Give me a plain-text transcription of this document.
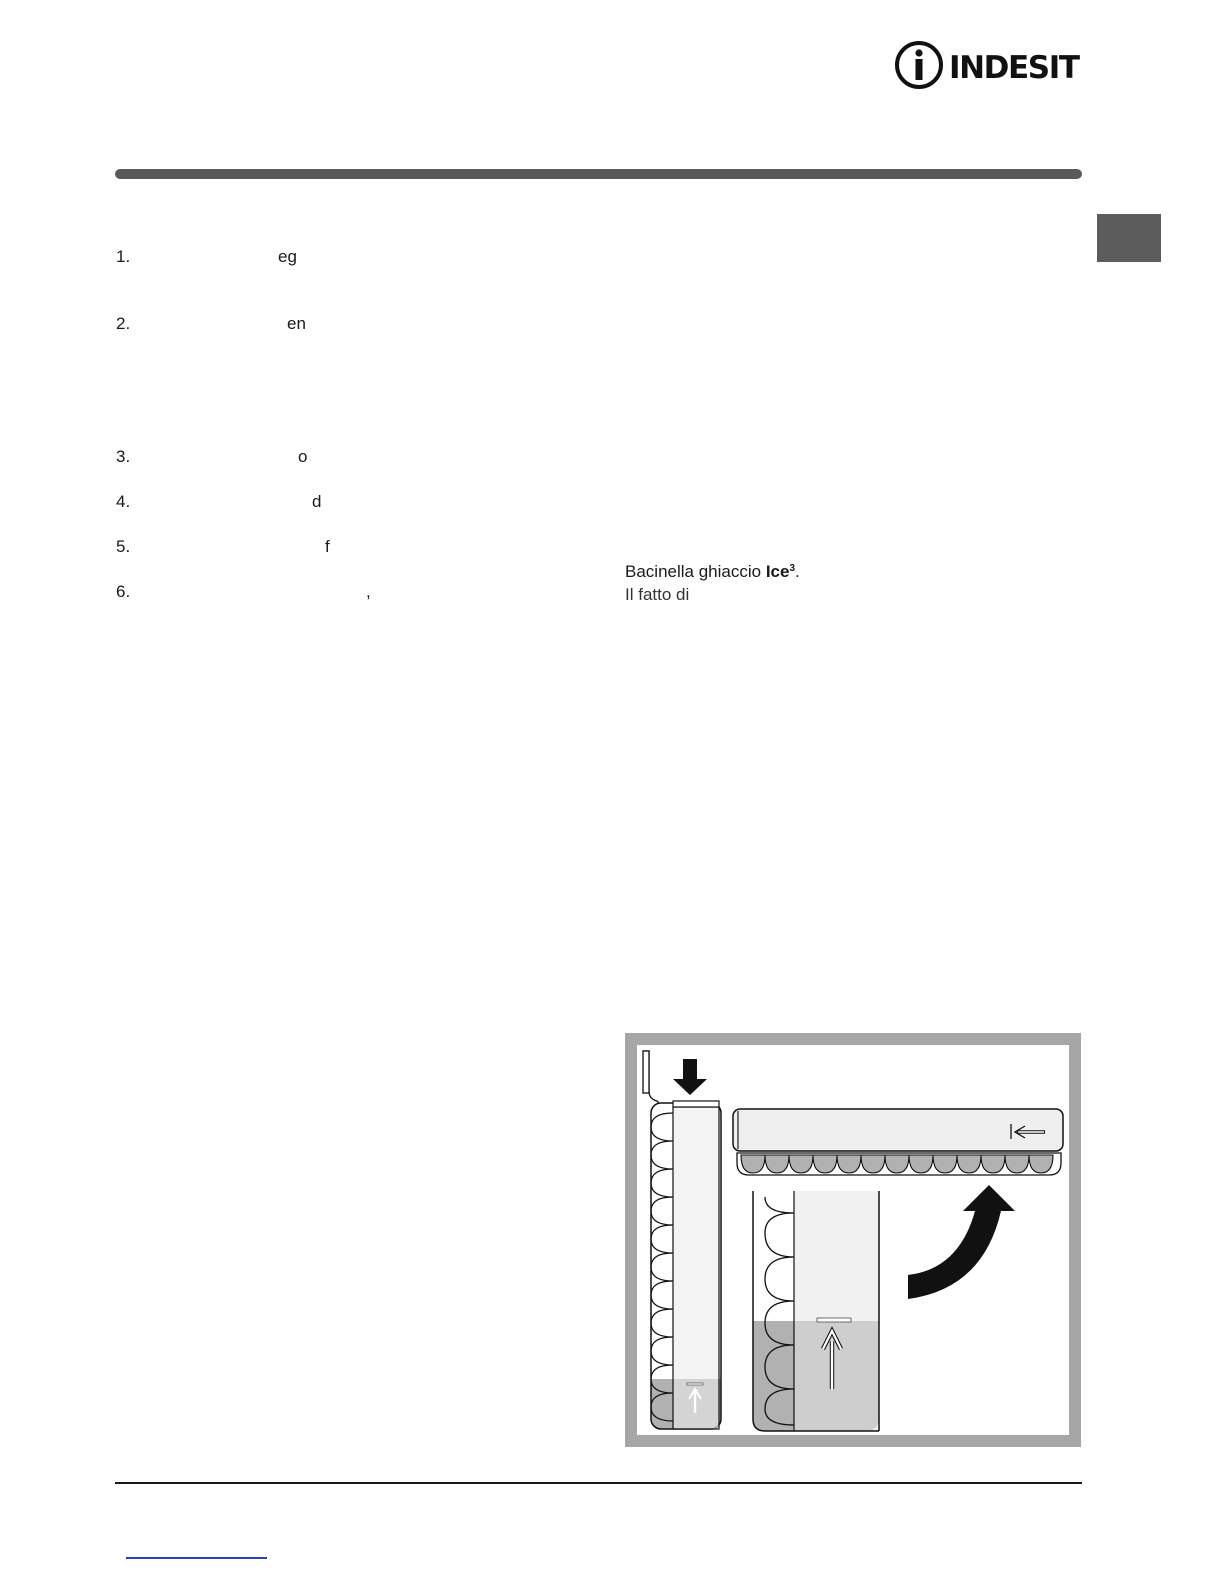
INDESIT
1.	eg
2.	en
3.	o
4.	d
5.	f
6.	,
Bacinella ghiaccio Ice$^3$.
Il fatto di
